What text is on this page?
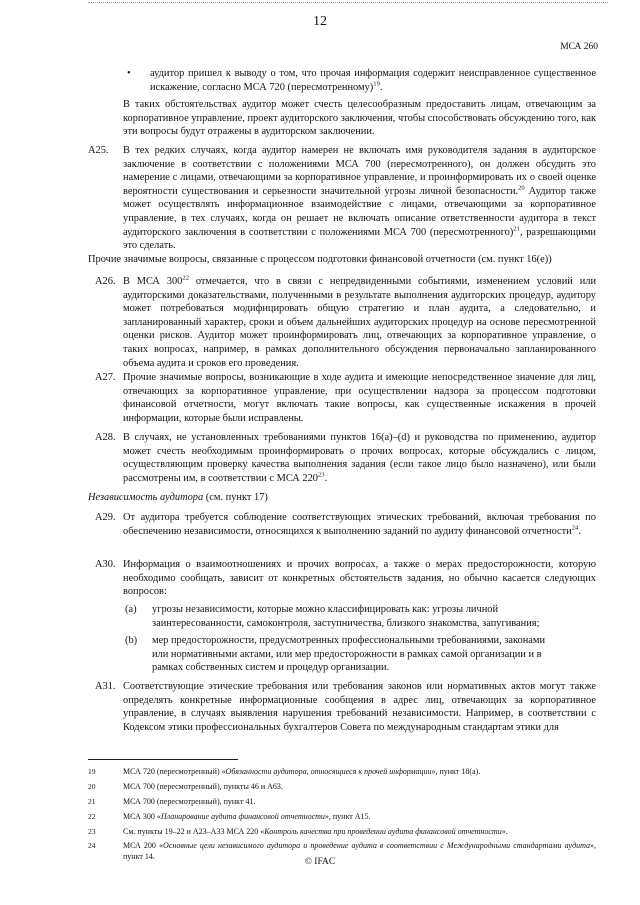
12
МСА 260
• аудитор пришел к выводу о том, что прочая информация содержит неисправленное существенное искажение, согласно МСА 720 (пересмотренному)$^{19}$.

В таких обстоятельствах аудитор может счесть целесообразным предоставить лицам, отвечающим за корпоративное управление, проект аудиторского заключения, чтобы способствовать обсуждению того, как эти вопросы будут отражены в аудиторском заключении.

A25. В тех редких случаях, когда аудитор намерен не включать имя руководителя задания в аудиторское заключение в соответствии с положениями МСА 700 (пересмотренного), он должен обсудить это намерение с лицами, отвечающими за корпоративное управление, и проинформировать их о своей оценке вероятности существования и серьезности значительной угрозы личной безопасности.$^{20}$ Аудитор также может осуществлять информационное взаимодействие с лицами, отвечающими за корпоративное управление, в тех случаях, когда он решает не включать описание ответственности аудитора в текст аудиторского заключения в соответствии с положениями МСА 700 (пересмотренного)$^{21}$, разрешающими это сделать.

Прочие значимые вопросы, связанные с процессом подготовки финансовой отчетности (см. пункт 16(e))
A26. В МСА $300^{22}$ отмечается, что в связи с непредвиденными событиями, изменением условий или аудиторскими доказательствами, полученными в результате выполнения аудиторских процедур, аудитору может потребоваться модифицировать общую стратегию и план аудита, а следовательно, и запланированный характер, сроки и объем дальнейших аудиторских процедур на основе пересмотренной оценки рисков. Аудитор может проинформировать лиц, отвечающих за корпоративное управление, о таких вопросах, например, в рамках дополнительного обсуждения первоначально запланированного объема аудита и сроков его проведения.

A27. Прочие значимые вопросы, возникающие в ходе аудита и имеющие непосредственное значение для лиц, отвечающих за корпоративное управление, при осуществлении надзора за процессом подготовки финансовой отчетности, могут включать такие вопросы, как существенные искажения в прочей информации, которые были исправлены.

A28. В случаях, не установленных требованиями пунктов 16(a)–(d) и руководства по применению, аудитор может счесть необходимым проинформировать о прочих вопросах, которые обсуждались с лицом, осуществляющим проверку качества выполнения задания (если такое лицо было назначено), или были рассмотрены им, в соответствии с МСА $220^{23}$.

Независимость аудитора (см. пункт 17)
A29. От аудитора требуется соблюдение соответствующих этических требований, включая требования по обеспечению независимости, относящихся к выполнению заданий по аудиту финансовой отчетности$^{24}$.

A30. Информация о взаимоотношениях и прочих вопросах, а также о мерах предосторожности, которую необходимо сообщать, зависит от конкретных обстоятельств задания, но обычно касается следующих вопросов:

(a) угрозы независимости, которые можно классифицировать как: угрозы личной заинтересованности, самоконтроля, заступничества, близкого знакомства, запугивания;

(b) мер предосторожности, предусмотренных профессиональными требованиями, законами или нормативными актами, или мер предосторожности в рамках самой организации и в рамках собственных систем и процедур организации.

A31. Соответствующие этические требования или требования законов или нормативных актов могут также определять конкретные информационные сообщения в адрес лиц, отвечающих за корпоративное управление, в случаях выявления нарушения требований независимости. Например, в соответствии с Кодексом этики профессиональных бухгалтеров Совета по международным стандартам этики для

19	МСА 720 (пересмотренный) «Обязанности аудитора, относящиеся к прочей информации», пункт 18(a).

20	МСА 700 (пересмотренный), пункты 46 и А63.

21	МСА 700 (пересмотренный), пункт 41.

22	МСА 300 «Планирование аудита финансовой отчетности», пункт А15.

23	См. пункты 19–22 и А23–А33 МСА 220 «Контроль качества при проведении аудита финансовой отчетности».

24	МСА 200 «Основные цели независимого аудитора и проведение аудита в соответствии с Международными стандартами аудита», пункт 14.

© IFAC
